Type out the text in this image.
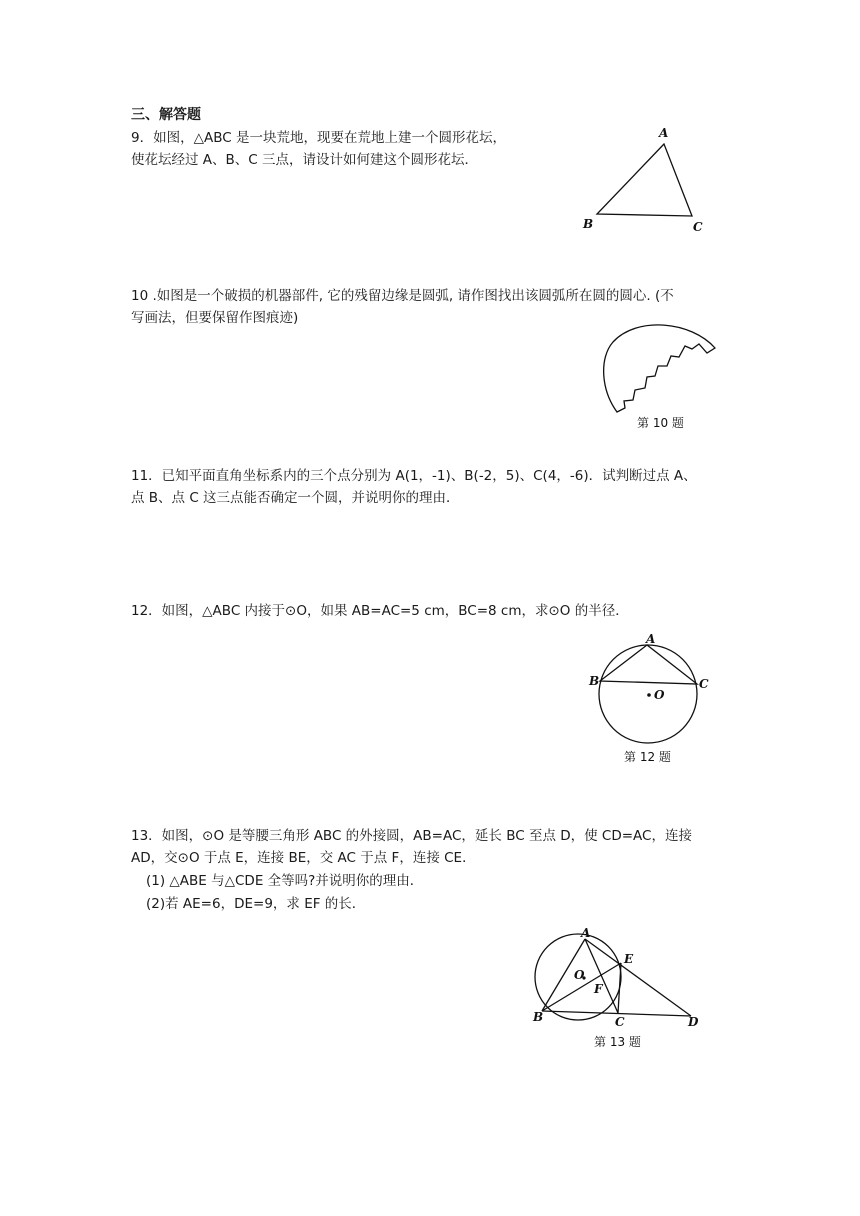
三、解答题

9．如图，△ABC 是一块荒地，现要在荒地上建一个圆形花坛，

使花坛经过 A、B、C 三点，请设计如何建这个圆形花坛．

A
B	C

10 .如图是一个破损的机器部件, 它的残留边缘是圆弧, 请作图找出该圆弧所在圆的圆心. (不

写画法，但要保留作图痕迹)

第 10 题

11．已知平面直角坐标系内的三个点分别为 A(1，-1)、B(-2，5)、C(4，-6)．试判断过点 A、

点 B、点 C 这三点能否确定一个圆，并说明你的理由．

12．如图，△ABC 内接于⊙O，如果 AB=AC=5 cm，BC=8 cm，求⊙O 的半径．

A
B	C
O
第 12 题

13．如图，⊙O 是等腰三角形 ABC 的外接圆，AB=AC，延长 BC 至点 D，使 CD=AC，连接

AD，交⊙O 于点 E，连接 BE，交 AC 于点 F，连接 CE．

(1) △ABE 与△CDE 全等吗?并说明你的理由．

(2)若 AE=6，DE=9，求 EF 的长．

A
B	C	D
E
F
O
第 13 题
